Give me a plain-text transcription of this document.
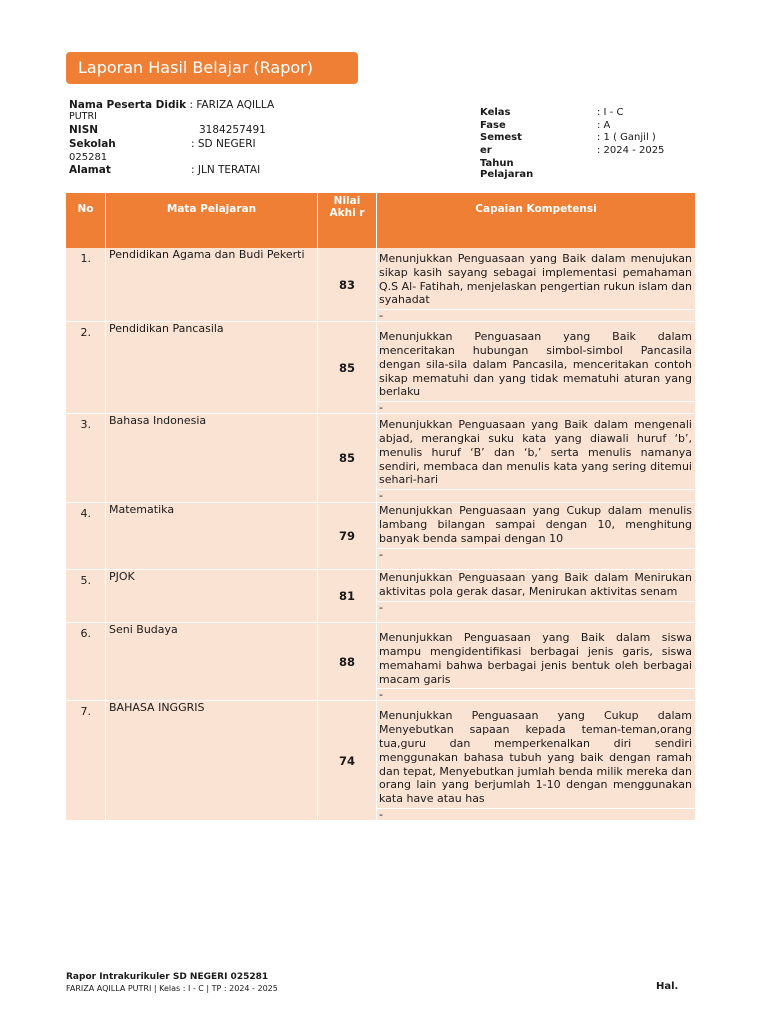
Laporan Hasil Belajar (Rapor)
Nama Peserta Didik : FARIZA AQILLA
PUTRI
NISN	3184257491
Sekolah	: SD NEGERI
025281
Alamat	: JLN TERATAI
Kelas	: I - C
Fase	: A
Semest	: 1 ( Ganjil )
er	: 2024 - 2025
Tahun
Pelajaran
No	Mata Pelajaran	Nilai Akhi r	Capaian Kompetensi
1.	Pendidikan Agama dan Budi Pekerti	83	Menunjukkan Penguasaan yang Baik dalam menujukan sikap kasih sayang sebagai implementasi pemahaman Q.S Al- Fatihah, menjelaskan pengertian rukun islam dan syahadat
-

2.	Pendidikan Pancasila	85	Menunjukkan Penguasaan yang Baik dalam menceritakan hubungan simbol-simbol Pancasila dengan sila-sila dalam Pancasila, menceritakan contoh sikap mematuhi dan yang tidak mematuhi aturan yang berlaku
-

3.	Bahasa Indonesia	85	Menunjukkan Penguasaan yang Baik dalam mengenali abjad, merangkai suku kata yang diawali huruf ‘b’, menulis huruf ‘B’ dan ‘b,’ serta menulis namanya sendiri, membaca dan menulis kata yang sering ditemui sehari-hari
-

4.	Matematika	79	Menunjukkan Penguasaan yang Cukup dalam menulis lambang bilangan sampai dengan 10, menghitung banyak benda sampai dengan 10
-

5.	PJOK	81	Menunjukkan Penguasaan yang Baik dalam Menirukan aktivitas pola gerak dasar, Menirukan aktivitas senam
-

6.	Seni Budaya	88	Menunjukkan Penguasaan yang Baik dalam siswa mampu mengidentifikasi berbagai jenis garis, siswa memahami bahwa berbagai jenis bentuk oleh berbagai macam garis
-

7.	BAHASA INGGRIS	74	Menunjukkan Penguasaan yang Cukup dalam Menyebutkan sapaan kepada teman-teman,orang tua,guru dan memperkenalkan diri sendiri menggunakan bahasa tubuh yang baik dengan ramah dan tepat, Menyebutkan jumlah benda milik mereka dan orang lain yang berjumlah 1-10 dengan menggunakan kata have atau has
-
Rapor Intrakurikuler SD NEGERI 025281
FARIZA AQILLA PUTRI | Kelas : I - C | TP : 2024 - 2025	Hal.
